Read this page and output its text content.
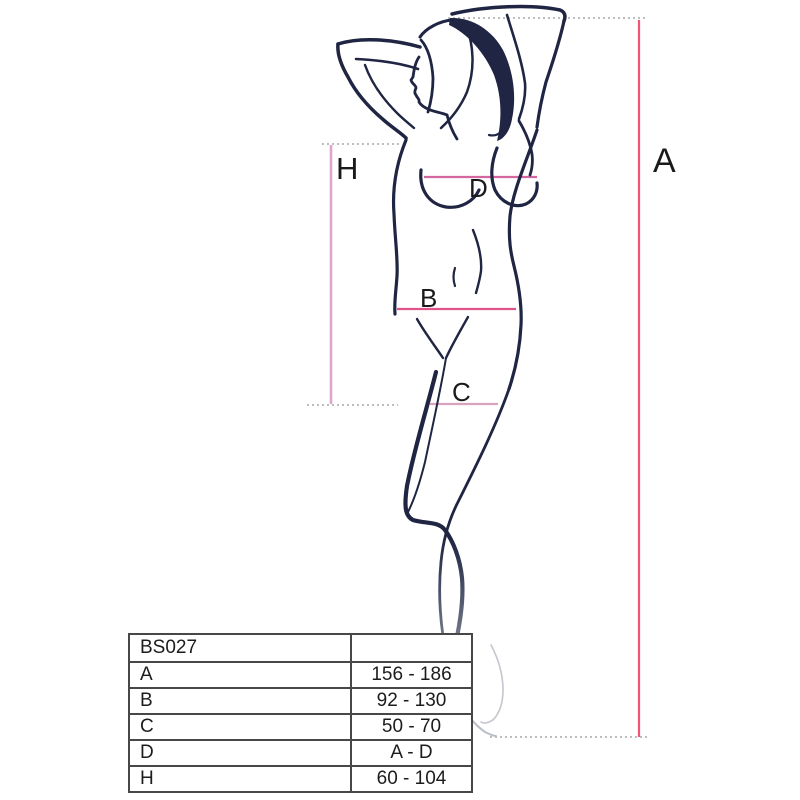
A
H
D
B
C
BS027
A	156 - 186
B	92 - 130
C	50 - 70
D	A - D
H	60 - 104
